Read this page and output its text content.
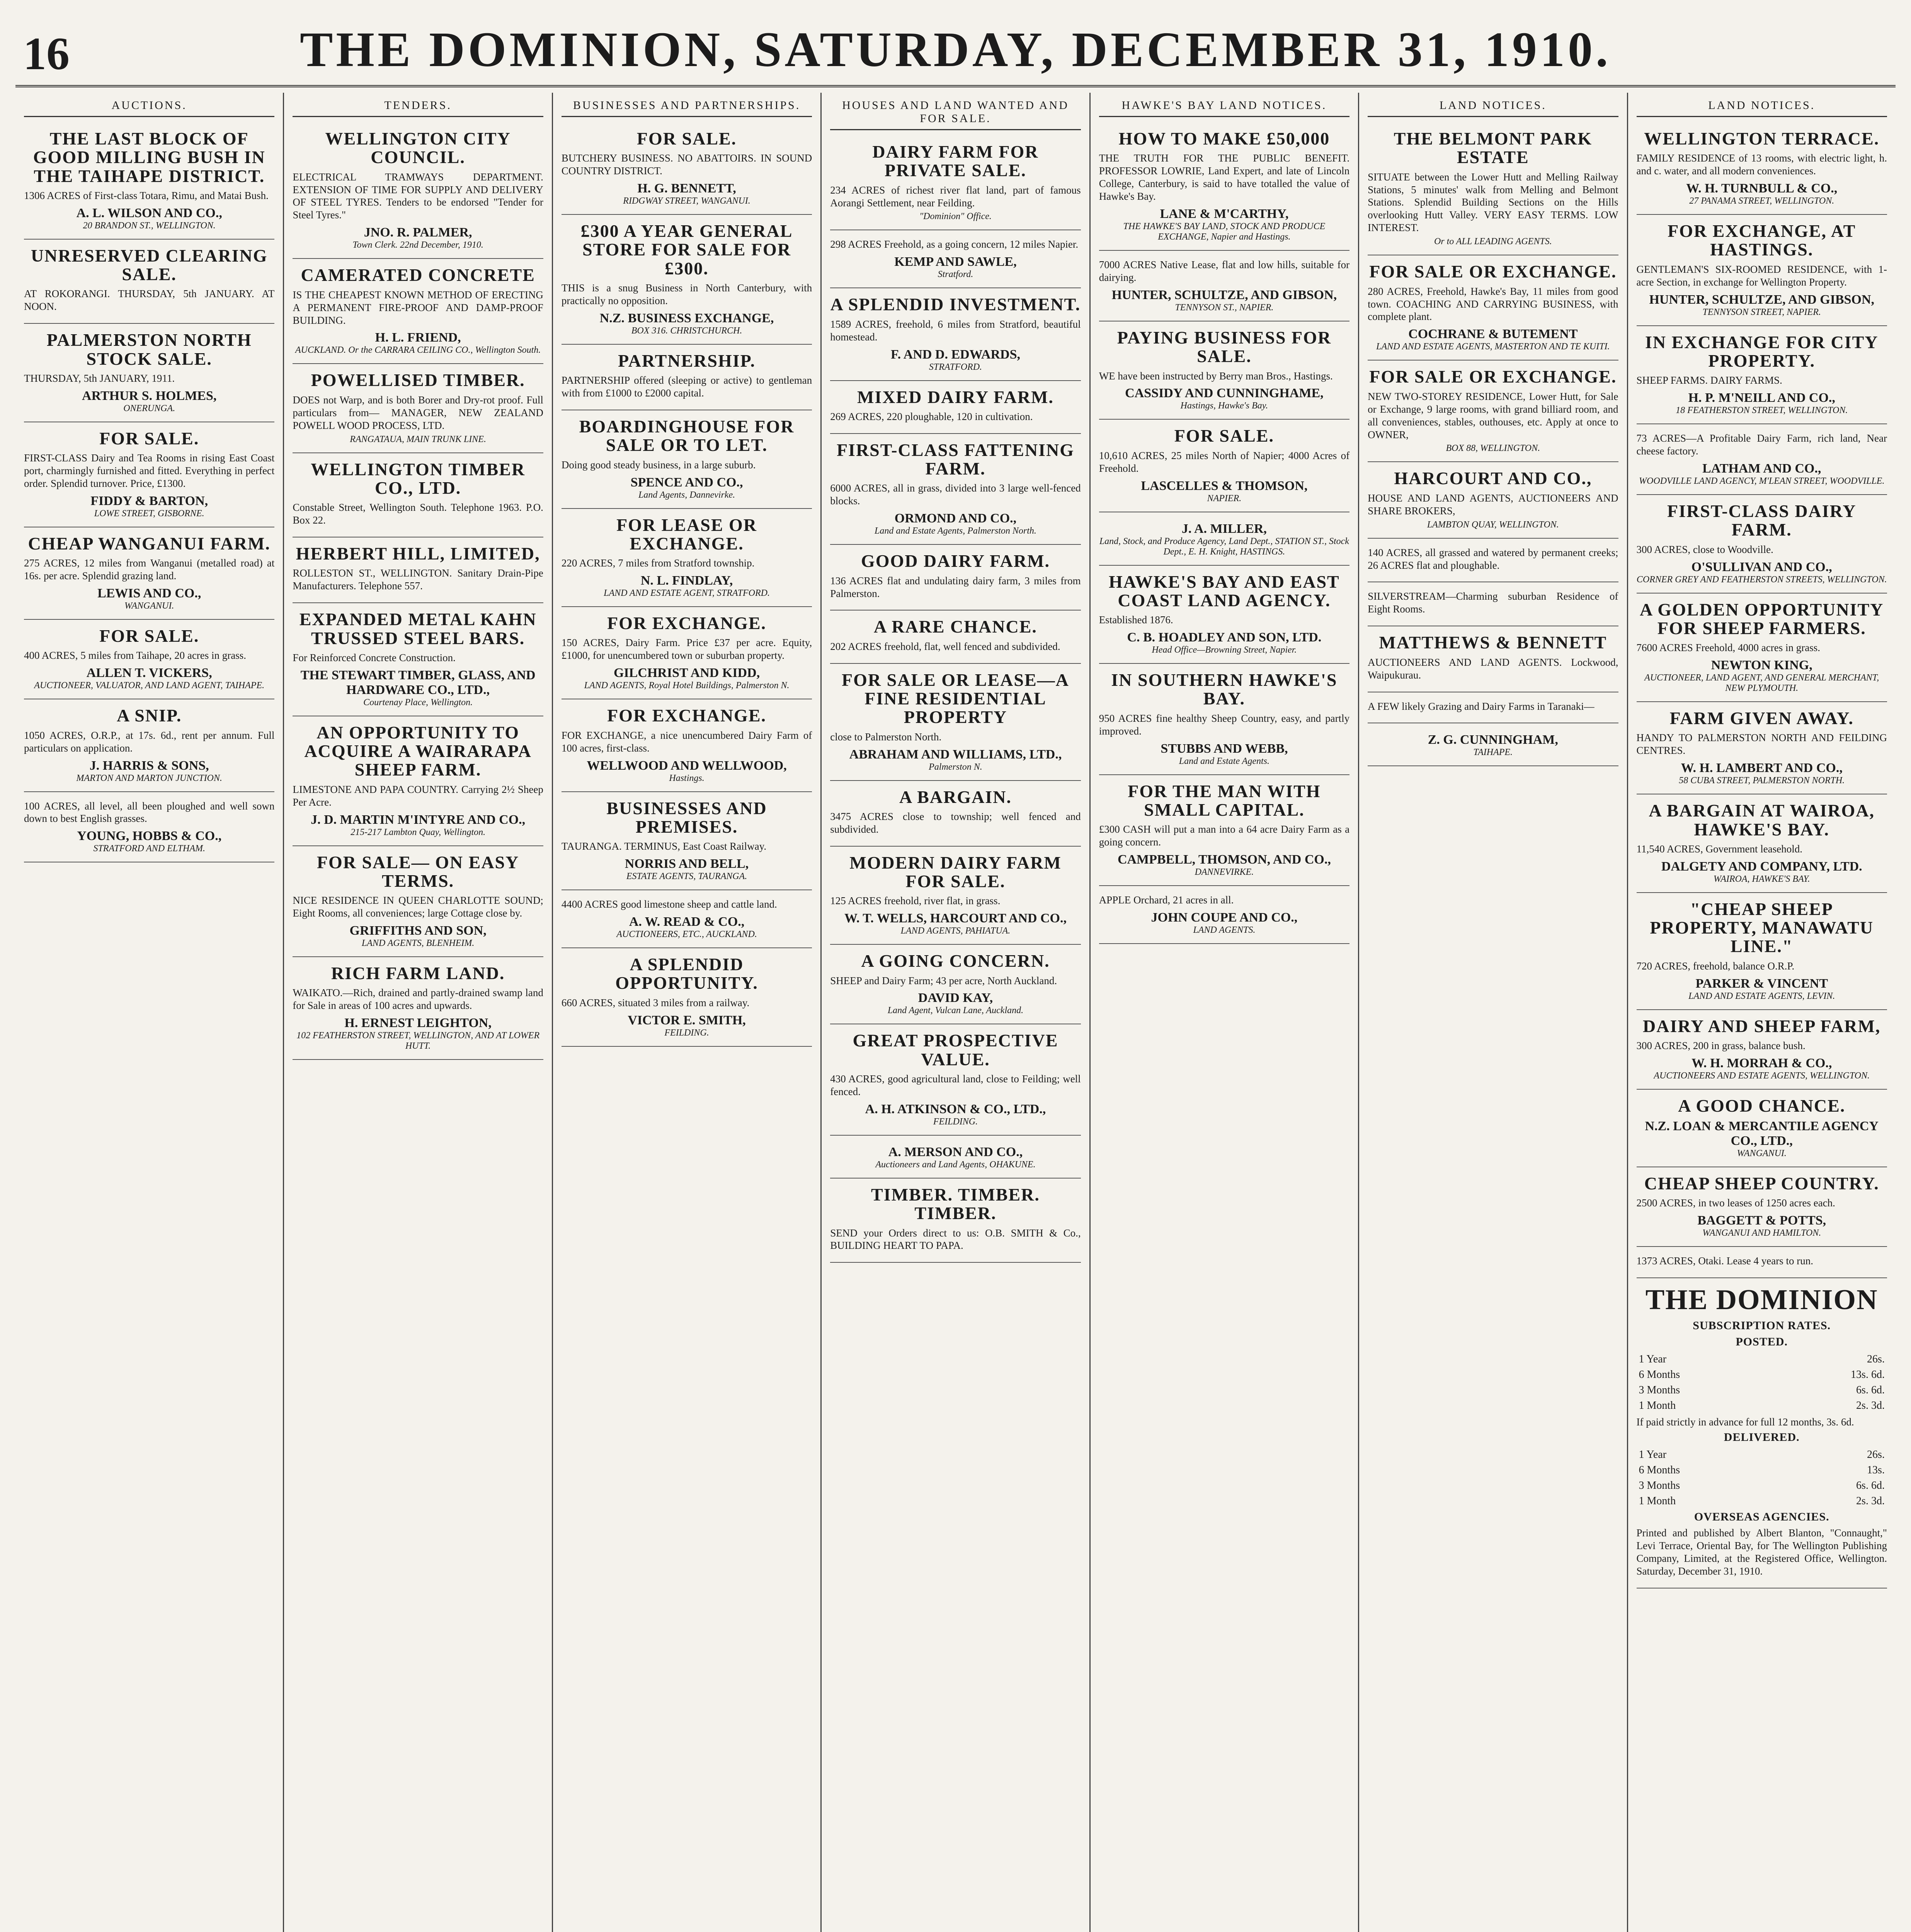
16	THE DOMINION, SATURDAY, DECEMBER 31, 1910.
AUCTIONS.
THE LAST BLOCK OF GOOD MILLING BUSH IN THE TAIHAPE DISTRICT.

1306 ACRES of First-class Totara, Rimu, and Matai Bush.

A. L. WILSON AND CO.,
20 BRANDON ST., WELLINGTON.
UNRESERVED CLEARING SALE.

AT ROKORANGI. THURSDAY, 5th JANUARY. AT NOON.

PALMERSTON NORTH STOCK SALE.

THURSDAY, 5th JANUARY, 1911.

ARTHUR S. HOLMES,
ONERUNGA.
FOR SALE.

FIRST-CLASS Dairy and Tea Rooms in rising East Coast port, charmingly furnished and fitted. Everything in perfect order. Splendid turnover. Price, £1300.

FIDDY & BARTON,
LOWE STREET, GISBORNE.
CHEAP WANGANUI FARM.

275 ACRES, 12 miles from Wanganui (metalled road) at 16s. per acre. Splendid grazing land.

LEWIS AND CO.,
WANGANUI.
FOR SALE.

400 ACRES, 5 miles from Taihape, 20 acres in grass.

ALLEN T. VICKERS,
AUCTIONEER, VALUATOR, AND LAND AGENT, TAIHAPE.
A SNIP.

1050 ACRES, O.R.P., at 17s. 6d., rent per annum. Full particulars on application.

J. HARRIS & SONS,
MARTON AND MARTON JUNCTION.

100 ACRES, all level, all been ploughed and well sown down to best English grasses.

YOUNG, HOBBS & CO.,
STRATFORD AND ELTHAM.
TENDERS.
WELLINGTON CITY COUNCIL.

ELECTRICAL TRAMWAYS DEPARTMENT. EXTENSION OF TIME FOR SUPPLY AND DELIVERY OF STEEL TYRES. Tenders to be endorsed "Tender for Steel Tyres."

JNO. R. PALMER,
Town Clerk. 22nd December, 1910.
CAMERATED CONCRETE

IS THE CHEAPEST KNOWN METHOD OF ERECTING A PERMANENT FIRE-PROOF AND DAMP-PROOF BUILDING.

H. L. FRIEND,
AUCKLAND. Or the CARRARA CEILING CO., Wellington South.
POWELLISED TIMBER.

DOES not Warp, and is both Borer and Dry-rot proof. Full particulars from— MANAGER, NEW ZEALAND POWELL WOOD PROCESS, LTD.

RANGATAUA, MAIN TRUNK LINE.
WELLINGTON TIMBER CO., LTD.

Constable Street, Wellington South. Telephone 1963. P.O. Box 22.

HERBERT HILL, LIMITED,

ROLLESTON ST., WELLINGTON. Sanitary Drain-Pipe Manufacturers. Telephone 557.

EXPANDED METAL KAHN TRUSSED STEEL BARS.

For Reinforced Concrete Construction.

THE STEWART TIMBER, GLASS, AND HARDWARE CO., LTD.,
Courtenay Place, Wellington.
AN OPPORTUNITY TO ACQUIRE A WAIRARAPA SHEEP FARM.

LIMESTONE AND PAPA COUNTRY. Carrying 2½ Sheep Per Acre.

J. D. MARTIN M'INTYRE AND CO.,
215-217 Lambton Quay, Wellington.
FOR SALE— ON EASY TERMS.

NICE RESIDENCE IN QUEEN CHARLOTTE SOUND; Eight Rooms, all conveniences; large Cottage close by.

GRIFFITHS AND SON,
LAND AGENTS, BLENHEIM.
RICH FARM LAND.

WAIKATO.—Rich, drained and partly-drained swamp land for Sale in areas of 100 acres and upwards.

H. ERNEST LEIGHTON,
102 FEATHERSTON STREET, WELLINGTON, AND AT LOWER HUTT.
BUSINESSES AND PARTNERSHIPS.
FOR SALE.

BUTCHERY BUSINESS. NO ABATTOIRS. IN SOUND COUNTRY DISTRICT.

H. G. BENNETT,
RIDGWAY STREET, WANGANUI.
£300 A YEAR GENERAL STORE FOR SALE FOR £300.

THIS is a snug Business in North Canterbury, with practically no opposition.

N.Z. BUSINESS EXCHANGE,
BOX 316. CHRISTCHURCH.
PARTNERSHIP.

PARTNERSHIP offered (sleeping or active) to gentleman with from £1000 to £2000 capital.

BOARDINGHOUSE FOR SALE OR TO LET.

Doing good steady business, in a large suburb.

SPENCE AND CO.,
Land Agents, Dannevirke.
FOR LEASE OR EXCHANGE.

220 ACRES, 7 miles from Stratford township.

N. L. FINDLAY,
LAND AND ESTATE AGENT, STRATFORD.
FOR EXCHANGE.

150 ACRES, Dairy Farm. Price £37 per acre. Equity, £1000, for unencumbered town or suburban property.

GILCHRIST AND KIDD,
LAND AGENTS, Royal Hotel Buildings, Palmerston N.
FOR EXCHANGE.

FOR EXCHANGE, a nice unencumbered Dairy Farm of 100 acres, first-class.

WELLWOOD AND WELLWOOD,
Hastings.
BUSINESSES AND PREMISES.

TAURANGA. TERMINUS, East Coast Railway.

NORRIS AND BELL,
ESTATE AGENTS, TAURANGA.

4400 ACRES good limestone sheep and cattle land.

A. W. READ & CO.,
AUCTIONEERS, ETC., AUCKLAND.
A SPLENDID OPPORTUNITY.

660 ACRES, situated 3 miles from a railway.

VICTOR E. SMITH,
FEILDING.
HOUSES AND LAND WANTED AND FOR SALE.
DAIRY FARM FOR PRIVATE SALE.

234 ACRES of richest river flat land, part of famous Aorangi Settlement, near Feilding.

"Dominion" Office.

298 ACRES Freehold, as a going concern, 12 miles Napier.

KEMP AND SAWLE,
Stratford.
A SPLENDID INVESTMENT.

1589 ACRES, freehold, 6 miles from Stratford, beautiful homestead.

F. AND D. EDWARDS,
STRATFORD.
MIXED DAIRY FARM.

269 ACRES, 220 ploughable, 120 in cultivation.

FIRST-CLASS FATTENING FARM.

6000 ACRES, all in grass, divided into 3 large well-fenced blocks.

ORMOND AND CO.,
Land and Estate Agents, Palmerston North.
GOOD DAIRY FARM.

136 ACRES flat and undulating dairy farm, 3 miles from Palmerston.

A RARE CHANCE.

202 ACRES freehold, flat, well fenced and subdivided.

FOR SALE OR LEASE—A FINE RESIDENTIAL PROPERTY

close to Palmerston North.

ABRAHAM AND WILLIAMS, LTD.,
Palmerston N.
A BARGAIN.

3475 ACRES close to township; well fenced and subdivided.

MODERN DAIRY FARM FOR SALE.

125 ACRES freehold, river flat, in grass.

W. T. WELLS, HARCOURT AND CO.,
LAND AGENTS, PAHIATUA.
A GOING CONCERN.

SHEEP and Dairy Farm; 43 per acre, North Auckland.

DAVID KAY,
Land Agent, Vulcan Lane, Auckland.
GREAT PROSPECTIVE VALUE.

430 ACRES, good agricultural land, close to Feilding; well fenced.

A. H. ATKINSON & CO., LTD.,
FEILDING.
A. MERSON AND CO.,
Auctioneers and Land Agents, OHAKUNE.
TIMBER. TIMBER. TIMBER.

SEND your Orders direct to us: O.B. SMITH & Co., BUILDING HEART TO PAPA.

HAWKE'S BAY LAND NOTICES.
HOW TO MAKE £50,000

THE TRUTH FOR THE PUBLIC BENEFIT. PROFESSOR LOWRIE, Land Expert, and late of Lincoln College, Canterbury, is said to have totalled the value of Hawke's Bay.

LANE & M'CARTHY,
THE HAWKE'S BAY LAND, STOCK AND PRODUCE EXCHANGE, Napier and Hastings.

7000 ACRES Native Lease, flat and low hills, suitable for dairying.

HUNTER, SCHULTZE, AND GIBSON,
TENNYSON ST., NAPIER.
PAYING BUSINESS FOR SALE.

WE have been instructed by Berry man Bros., Hastings.

CASSIDY AND CUNNINGHAME,
Hastings, Hawke's Bay.
FOR SALE.

10,610 ACRES, 25 miles North of Napier; 4000 Acres of Freehold.

LASCELLES & THOMSON,
NAPIER.
J. A. MILLER,
Land, Stock, and Produce Agency, Land Dept., STATION ST., Stock Dept., E. H. Knight, HASTINGS.
HAWKE'S BAY AND EAST COAST LAND AGENCY.

Established 1876.

C. B. HOADLEY AND SON, LTD.
Head Office—Browning Street, Napier.
IN SOUTHERN HAWKE'S BAY.

950 ACRES fine healthy Sheep Country, easy, and partly improved.

STUBBS AND WEBB,
Land and Estate Agents.
FOR THE MAN WITH SMALL CAPITAL.

£300 CASH will put a man into a 64 acre Dairy Farm as a going concern.

CAMPBELL, THOMSON, AND CO.,
DANNEVIRKE.

APPLE Orchard, 21 acres in all.

JOHN COUPE AND CO.,
LAND AGENTS.
LAND NOTICES.
THE BELMONT PARK ESTATE

SITUATE between the Lower Hutt and Melling Railway Stations, 5 minutes' walk from Melling and Belmont Stations. Splendid Building Sections on the Hills overlooking Hutt Valley. VERY EASY TERMS. LOW INTEREST.

Or to ALL LEADING AGENTS.
FOR SALE OR EXCHANGE.

280 ACRES, Freehold, Hawke's Bay, 11 miles from good town. COACHING AND CARRYING BUSINESS, with complete plant.

COCHRANE & BUTEMENT
LAND AND ESTATE AGENTS, MASTERTON AND TE KUITI.
FOR SALE OR EXCHANGE.

NEW TWO-STOREY RESIDENCE, Lower Hutt, for Sale or Exchange, 9 large rooms, with grand billiard room, and all conveniences, stables, outhouses, etc. Apply at once to OWNER,

BOX 88, WELLINGTON.
HARCOURT AND CO.,

HOUSE AND LAND AGENTS, AUCTIONEERS AND SHARE BROKERS,

LAMBTON QUAY, WELLINGTON.

140 ACRES, all grassed and watered by permanent creeks; 26 ACRES flat and ploughable.

SILVERSTREAM—Charming suburban Residence of Eight Rooms.

MATTHEWS & BENNETT

AUCTIONEERS AND LAND AGENTS. Lockwood, Waipukurau.

A FEW likely Grazing and Dairy Farms in Taranaki—

Z. G. CUNNINGHAM,
TAIHAPE.
LAND NOTICES.
WELLINGTON TERRACE.

FAMILY RESIDENCE of 13 rooms, with electric light, h. and c. water, and all modern conveniences.

W. H. TURNBULL & CO.,
27 PANAMA STREET, WELLINGTON.
FOR EXCHANGE, AT HASTINGS.

GENTLEMAN'S SIX-ROOMED RESIDENCE, with 1-acre Section, in exchange for Wellington Property.

HUNTER, SCHULTZE, AND GIBSON,
TENNYSON STREET, NAPIER.
IN EXCHANGE FOR CITY PROPERTY.

SHEEP FARMS. DAIRY FARMS.

H. P. M'NEILL AND CO.,
18 FEATHERSTON STREET, WELLINGTON.

73 ACRES—A Profitable Dairy Farm, rich land, Near cheese factory.

LATHAM AND CO.,
WOODVILLE LAND AGENCY, M'LEAN STREET, WOODVILLE.
FIRST-CLASS DAIRY FARM.

300 ACRES, close to Woodville.

O'SULLIVAN AND CO.,
CORNER GREY AND FEATHERSTON STREETS, WELLINGTON.
A GOLDEN OPPORTUNITY FOR SHEEP FARMERS.

7600 ACRES Freehold, 4000 acres in grass.

NEWTON KING,
AUCTIONEER, LAND AGENT, AND GENERAL MERCHANT, NEW PLYMOUTH.
FARM GIVEN AWAY.

HANDY TO PALMERSTON NORTH AND FEILDING CENTRES.

W. H. LAMBERT AND CO.,
58 CUBA STREET, PALMERSTON NORTH.
A BARGAIN AT WAIROA, HAWKE'S BAY.

11,540 ACRES, Government leasehold.

DALGETY AND COMPANY, LTD.
WAIROA, HAWKE'S BAY.
"CHEAP SHEEP PROPERTY, MANAWATU LINE."

720 ACRES, freehold, balance O.R.P.

PARKER & VINCENT
LAND AND ESTATE AGENTS, LEVIN.
DAIRY AND SHEEP FARM,

300 ACRES, 200 in grass, balance bush.

W. H. MORRAH & CO.,
AUCTIONEERS AND ESTATE AGENTS, WELLINGTON.
A GOOD CHANCE.
N.Z. LOAN & MERCANTILE AGENCY CO., LTD.,
WANGANUI.
CHEAP SHEEP COUNTRY.

2500 ACRES, in two leases of 1250 acres each.

BAGGETT & POTTS,
WANGANUI AND HAMILTON.

1373 ACRES, Otaki. Lease 4 years to run.

THE DOMINION
SUBSCRIPTION RATES.
POSTED.
1 Year	26s.
6 Months	13s. 6d.
3 Months	6s. 6d.
1 Month	2s. 3d.

If paid strictly in advance for full 12 months, 3s. 6d.

DELIVERED.
1 Year	26s.
6 Months	13s.
3 Months	6s. 6d.
1 Month	2s. 3d.
OVERSEAS AGENCIES.

Printed and published by Albert Blanton, "Connaught," Levi Terrace, Oriental Bay, for The Wellington Publishing Company, Limited, at the Registered Office, Wellington. Saturday, December 31, 1910.
